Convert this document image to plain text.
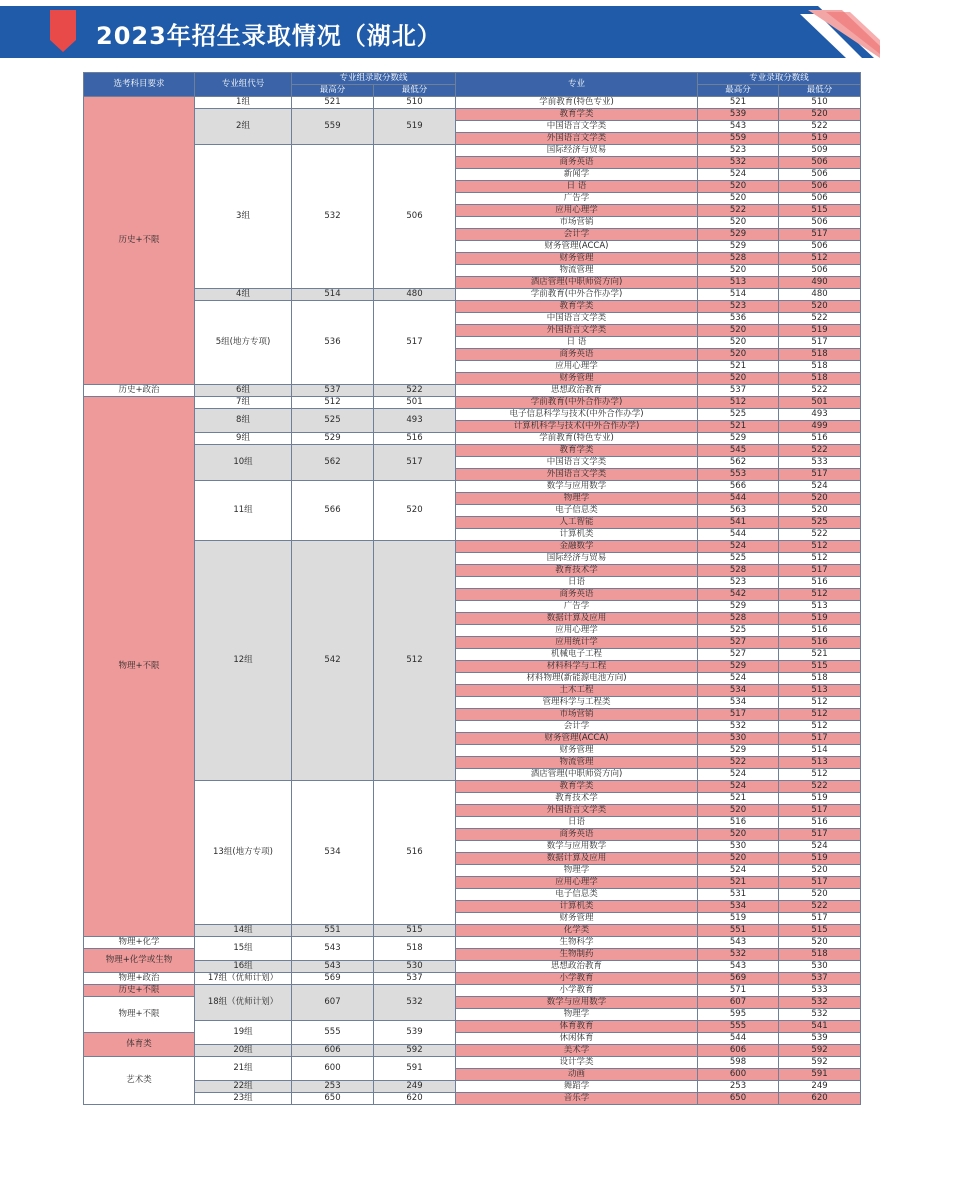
2023年招生录取情况（湖北）
选考科目要求	专业组代号	专业组录取分数线		专业	专业录取分数线	
		最高分	最低分		最高分	最低分
历史+不限	1组	521	510	学前教育(特色专业)	521	510
	2组	559	519	教育学类	539	520
				中国语言文学类	543	522
				外国语言文学类	559	519
	3组	532	506	国际经济与贸易	523	509
				商务英语	532	506
				新闻学	524	506
				日 语	520	506
				广告学	520	506
				应用心理学	522	515
				市场营销	520	506
				会计学	529	517
				财务管理(ACCA)	529	506
				财务管理	528	512
				物流管理	520	506
				酒店管理(中职师资方向)	513	490
	4组	514	480	学前教育(中外合作办学)	514	480
	5组(地方专项)	536	517	教育学类	523	520
				中国语言文学类	536	522
				外国语言文学类	520	519
				日 语	520	517
				商务英语	520	518
				应用心理学	521	518
				财务管理	520	518
历史+政治	6组	537	522	思想政治教育	537	522
物理+不限	7组	512	501	学前教育(中外合作办学)	512	501
	8组	525	493	电子信息科学与技术(中外合作办学)	525	493
				计算机科学与技术(中外合作办学)	521	499
	9组	529	516	学前教育(特色专业)	529	516
	10组	562	517	教育学类	545	522
				中国语言文学类	562	533
				外国语言文学类	553	517
	11组	566	520	数学与应用数学	566	524
				物理学	544	520
				电子信息类	563	520
				人工智能	541	525
				计算机类	544	522
	12组	542	512	金融数学	524	512
				国际经济与贸易	525	512
				教育技术学	528	517
				日语	523	516
				商务英语	542	512
				广告学	529	513
				数据计算及应用	528	519
				应用心理学	525	516
				应用统计学	527	516
				机械电子工程	527	521
				材料科学与工程	529	515
				材料物理(新能源电池方向)	524	518
				土木工程	534	513
				管理科学与工程类	534	512
				市场营销	517	512
				会计学	532	512
				财务管理(ACCA)	530	517
				财务管理	529	514
				物流管理	522	513
				酒店管理(中职师资方向)	524	512
	13组(地方专项)	534	516	教育学类	524	522
				教育技术学	521	519
				外国语言文学类	520	517
				日语	516	516
				商务英语	520	517
				数学与应用数学	530	524
				数据计算及应用	520	519
				物理学	524	520
				应用心理学	521	517
				电子信息类	531	520
				计算机类	534	522
				财务管理	519	517
	14组	551	515	化学类	551	515
物理+化学	15组	543	518	生物科学	543	520
物理+化学或生物				生物制药	532	518
	16组	543	530	思想政治教育	543	530
物理+政治	17组（优师计划）	569	537	小学教育	569	537
历史+不限	18组（优师计划）	607	532	小学教育	571	533
物理+不限				数学与应用数学	607	532
				物理学	595	532
	19组	555	539	体育教育	555	541
体育类				休闲体育	544	539
	20组	606	592	美术学	606	592
艺术类	21组	600	591	设计学类	598	592
				动画	600	591
	22组	253	249	舞蹈学	253	249
	23组	650	620	音乐学	650	620
